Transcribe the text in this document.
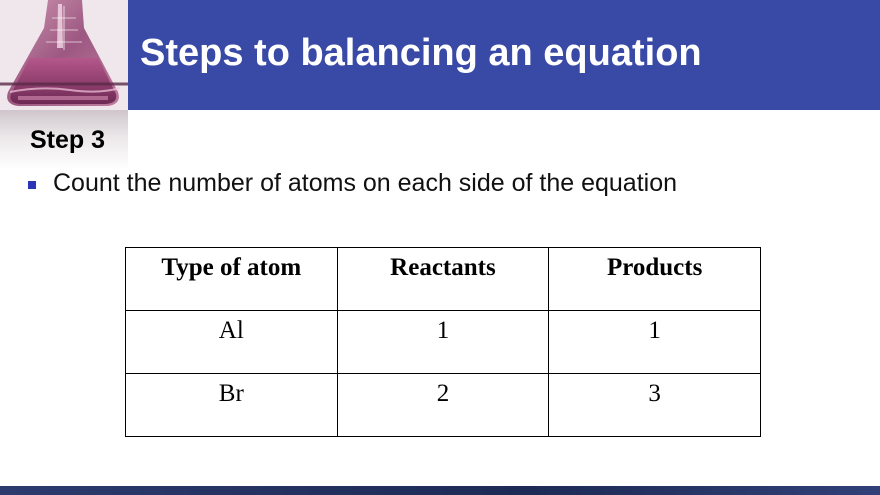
Steps to balancing an equation
Step 3
Count the number of atoms on each side of the equation
Type of atom	Reactants	Products
Al	1	1
Br	2	3
